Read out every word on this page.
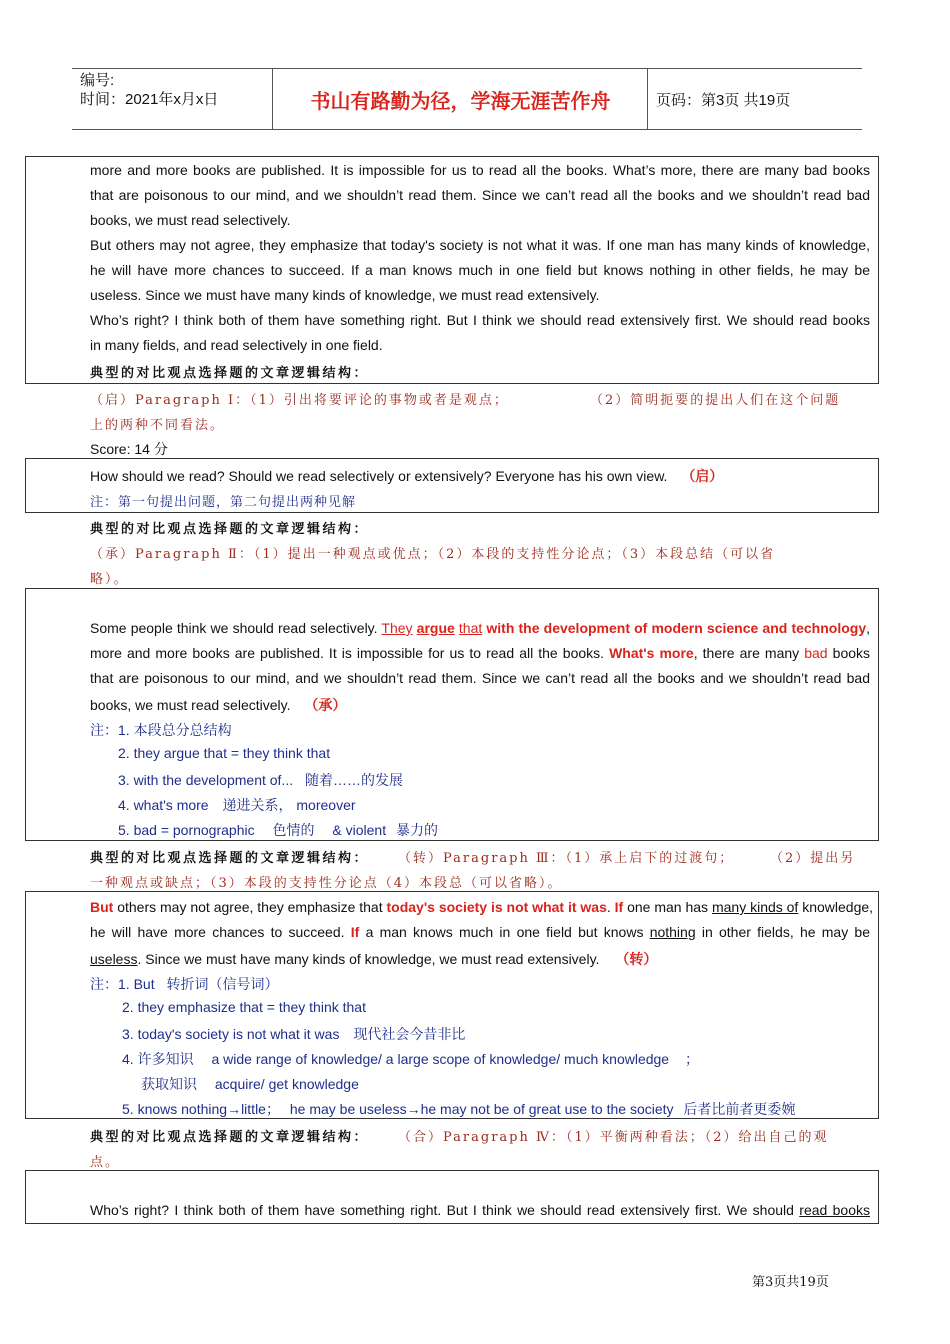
编号:
时间：2021年x月x日	书山有路勤为径，学海无涯苦作舟	页码：第3页 共19页
more and more books are published. It is impossible for us to read all the books. What’s more, there are many bad books
that are poisonous to our mind, and we shouldn’t read them. Since we can’t read all the books and we shouldn’t read bad
books, we must read selectively.
But others may not agree, they emphasize that today's society is not what it was. If one man has many kinds of knowledge,
he will have more chances to succeed. If a man knows much in one field but knows nothing in other fields, he may be
useless. Since we must have many kinds of knowledge, we must read extensively.
Who’s right? I think both of them have something right. But I think we should read extensively first. We should read books
in many fields, and read selectively in one field.
典型的对比观点选择题的文章逻辑结构：
（启）Paragraph Ⅰ：（1）引出将要评论的事物或者是观点；	（2）简明扼要的提出人们在这个问题
上的两种不同看法。
Score: 14 分
How should we read? Should we read selectively or extensively? Everyone has his own view. （启）
注：第一句提出问题，第二句提出两种见解
典型的对比观点选择题的文章逻辑结构：
（承）Paragraph Ⅱ：（1）提出一种观点或优点；（2）本段的支持性分论点；（3）本段总结（可以省
略）。
Some people think we should read selectively. They argue that with the development of modern science and technology,
more and more books are published. It is impossible for us to read all the books. What's more, there are many bad books
that are poisonous to our mind, and we shouldn’t read them. Since we can’t read all the books and we shouldn’t read bad
books, we must read selectively. （承）
注：1. 本段总分总结构
2. they argue that = they think that
3. with the development of... 随着……的发展
4. what's more 递进关系， moreover
5. bad = pornographic 色情的 & violent 暴力的
典型的对比观点选择题的文章逻辑结构： （转）Paragraph Ⅲ：（1）承上启下的过渡句；	（2）提出另
一种观点或缺点；（3）本段的支持性分论点（4）本段总（可以省略）。
But others may not agree, they emphasize that today's society is not what it was. If one man has many kinds of knowledge,
he will have more chances to succeed. If a man knows much in one field but knows nothing in other fields, he may be
useless. Since we must have many kinds of knowledge, we must read extensively. （转）
注：1. But 转折词（信号词）
2. they emphasize that = they think that
3. today's society is not what it was 现代社会今昔非比
4. 许多知识 a wide range of knowledge/ a large scope of knowledge/ much knowledge ；
获取知识 acquire/ get knowledge
5. knows nothing→little； he may be useless→he may not be of great use to the society 后者比前者更委婉
典型的对比观点选择题的文章逻辑结构： （合）Paragraph Ⅳ：（1）平衡两种看法；（2）给出自己的观
点。
Who’s right? I think both of them have something right. But I think we should read extensively first. We should read books
第3页共19页
